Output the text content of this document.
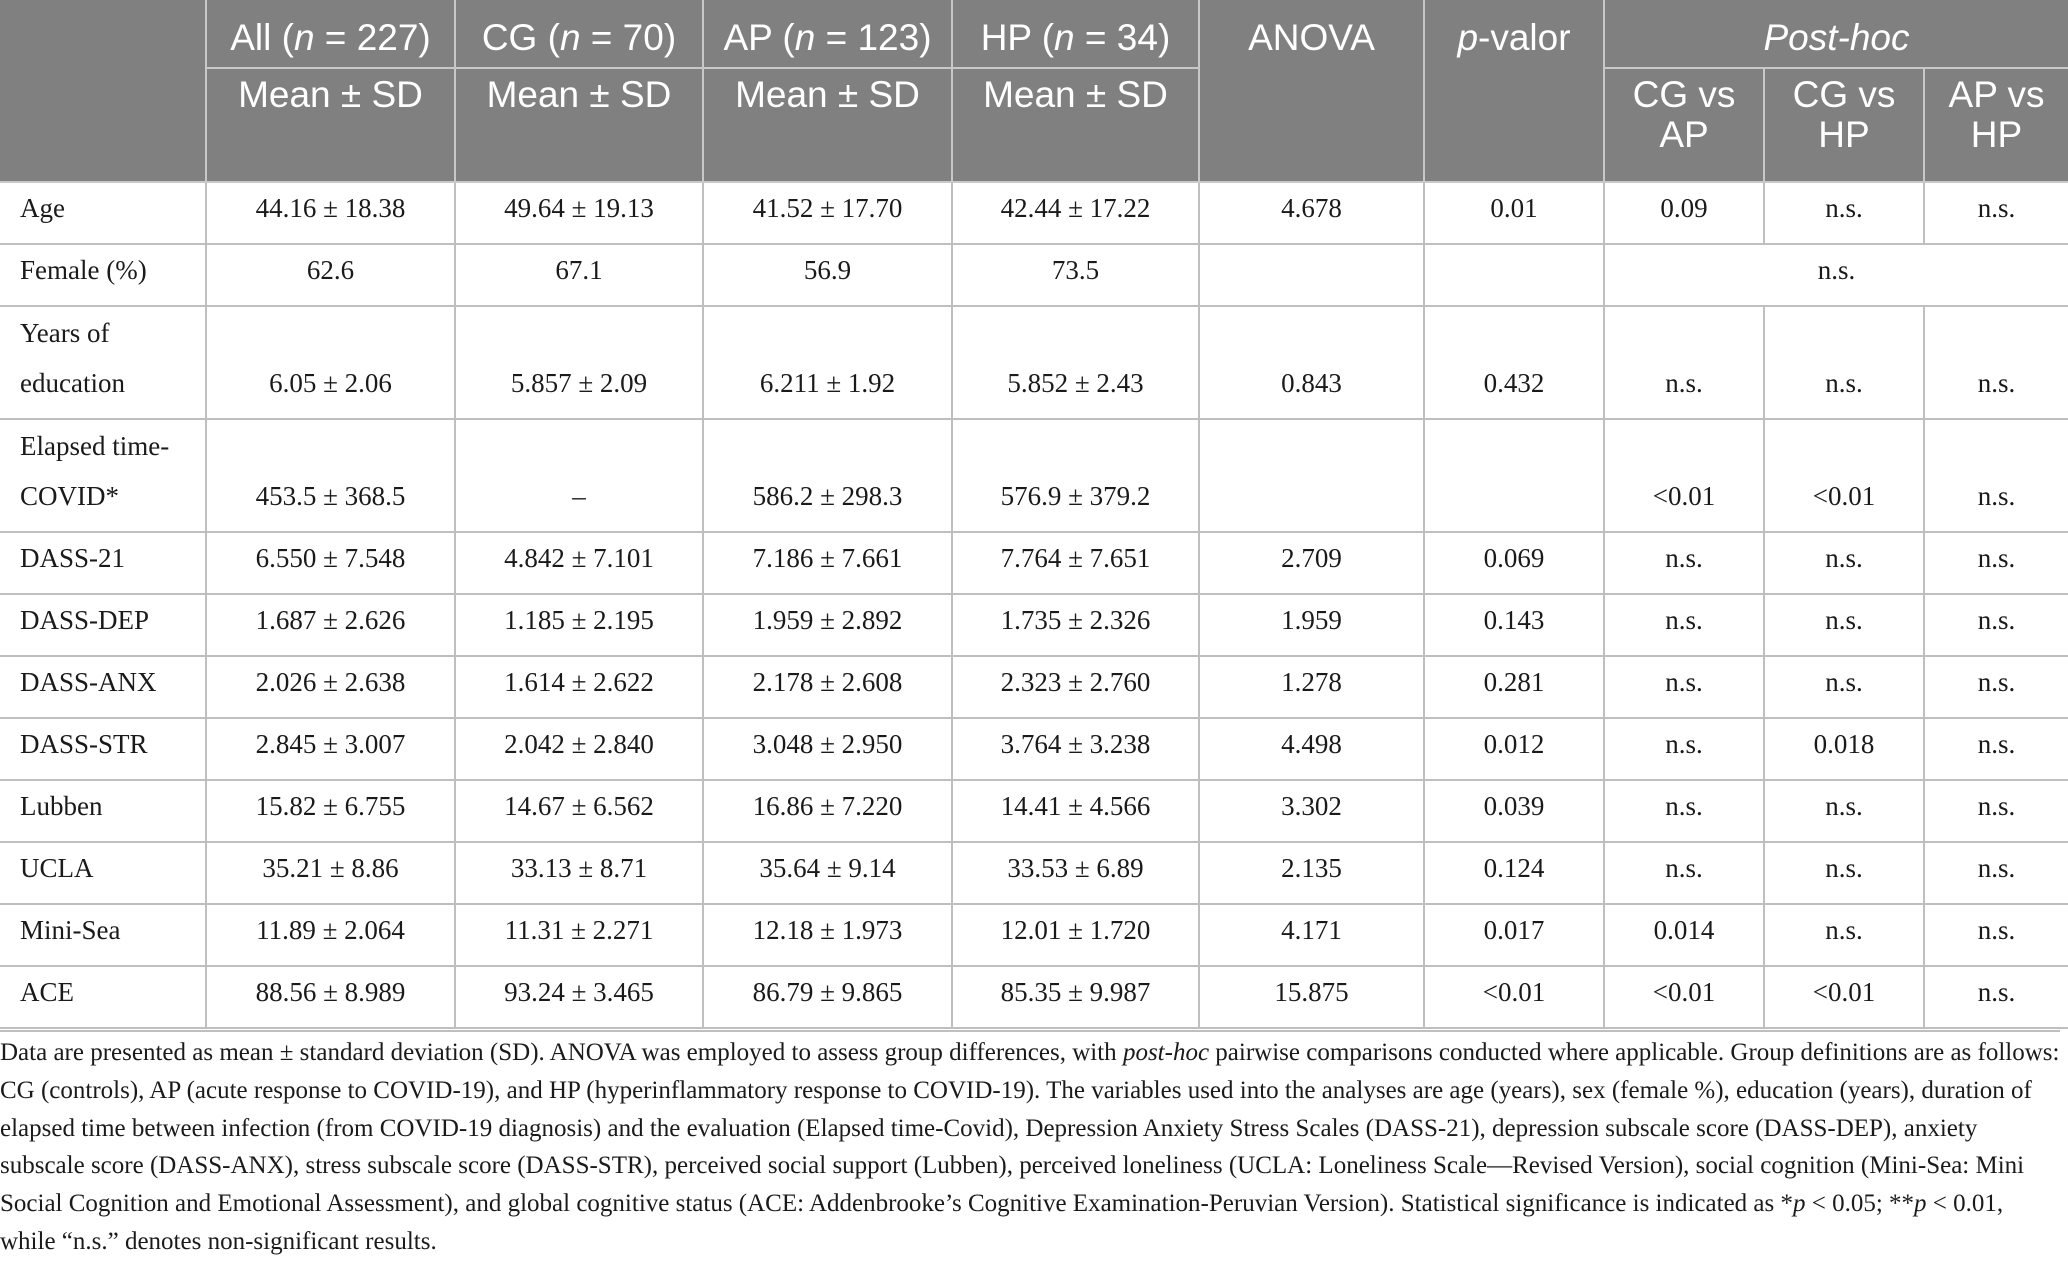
	All (n = 227)	CG (n = 70)	AP (n = 123)	HP (n = 34)	ANOVA	p-valor	Post-hoc		
	Mean ± SD	Mean ± SD	Mean ± SD	Mean ± SD			CG vs AP	CG vs HP	AP vs HP
Age	44.16 ± 18.38	49.64 ± 19.13	41.52 ± 17.70	42.44 ± 17.22	4.678	0.01	0.09	n.s.	n.s.
Female (%)	62.6	67.1	56.9	73.5			n.s.		
Years of education	6.05 ± 2.06	5.857 ± 2.09	6.211 ± 1.92	5.852 ± 2.43	0.843	0.432	n.s.	n.s.	n.s.
Elapsed time-COVID*	453.5 ± 368.5	–	586.2 ± 298.3	576.9 ± 379.2			<0.01	<0.01	n.s.
DASS-21	6.550 ± 7.548	4.842 ± 7.101	7.186 ± 7.661	7.764 ± 7.651	2.709	0.069	n.s.	n.s.	n.s.
DASS-DEP	1.687 ± 2.626	1.185 ± 2.195	1.959 ± 2.892	1.735 ± 2.326	1.959	0.143	n.s.	n.s.	n.s.
DASS-ANX	2.026 ± 2.638	1.614 ± 2.622	2.178 ± 2.608	2.323 ± 2.760	1.278	0.281	n.s.	n.s.	n.s.
DASS-STR	2.845 ± 3.007	2.042 ± 2.840	3.048 ± 2.950	3.764 ± 3.238	4.498	0.012	n.s.	0.018	n.s.
Lubben	15.82 ± 6.755	14.67 ± 6.562	16.86 ± 7.220	14.41 ± 4.566	3.302	0.039	n.s.	n.s.	n.s.
UCLA	35.21 ± 8.86	33.13 ± 8.71	35.64 ± 9.14	33.53 ± 6.89	2.135	0.124	n.s.	n.s.	n.s.
Mini-Sea	11.89 ± 2.064	11.31 ± 2.271	12.18 ± 1.973	12.01 ± 1.720	4.171	0.017	0.014	n.s.	n.s.
ACE	88.56 ± 8.989	93.24 ± 3.465	86.79 ± 9.865	85.35 ± 9.987	15.875	<0.01	<0.01	<0.01	n.s.
Data are presented as mean ± standard deviation (SD). ANOVA was employed to assess group differences, with post-hoc pairwise comparisons conducted where applicable. Group definitions are as follows: CG (controls), AP (acute response to COVID-19), and HP (hyperinflammatory response to COVID-19). The variables used into the analyses are age (years), sex (female %), education (years), duration of elapsed time between infection (from COVID-19 diagnosis) and the evaluation (Elapsed time-Covid), Depression Anxiety Stress Scales (DASS-21), depression subscale score (DASS-DEP), anxiety subscale score (DASS-ANX), stress subscale score (DASS-STR), perceived social support (Lubben), perceived loneliness (UCLA: Loneliness Scale—Revised Version), social cognition (Mini-Sea: Mini Social Cognition and Emotional Assessment), and global cognitive status (ACE: Addenbrooke’s Cognitive Examination-Peruvian Version). Statistical significance is indicated as *p < 0.05; **p < 0.01, while “n.s.” denotes non-significant results.
